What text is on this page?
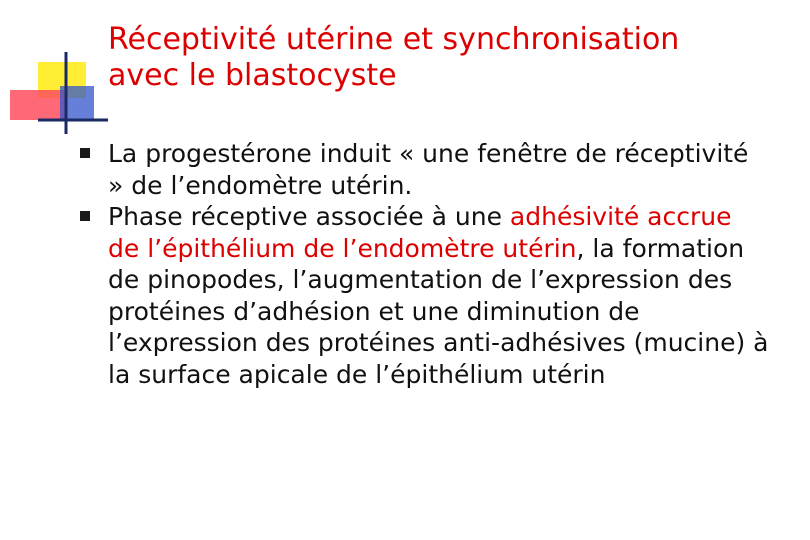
Réceptivité utérine et synchronisation
avec le blastocyste
La progestérone induit « une fenêtre de réceptivité » de l’endomètre utérin.
Phase réceptive associée à une adhésivité accrue de l’épithélium de l’endomètre utérin, la formation de pinopodes, l’augmentation de l’expression des protéines d’adhésion et une diminution de l’expression des protéines anti-adhésives (mucine) à la surface apicale de l’épithélium utérin
